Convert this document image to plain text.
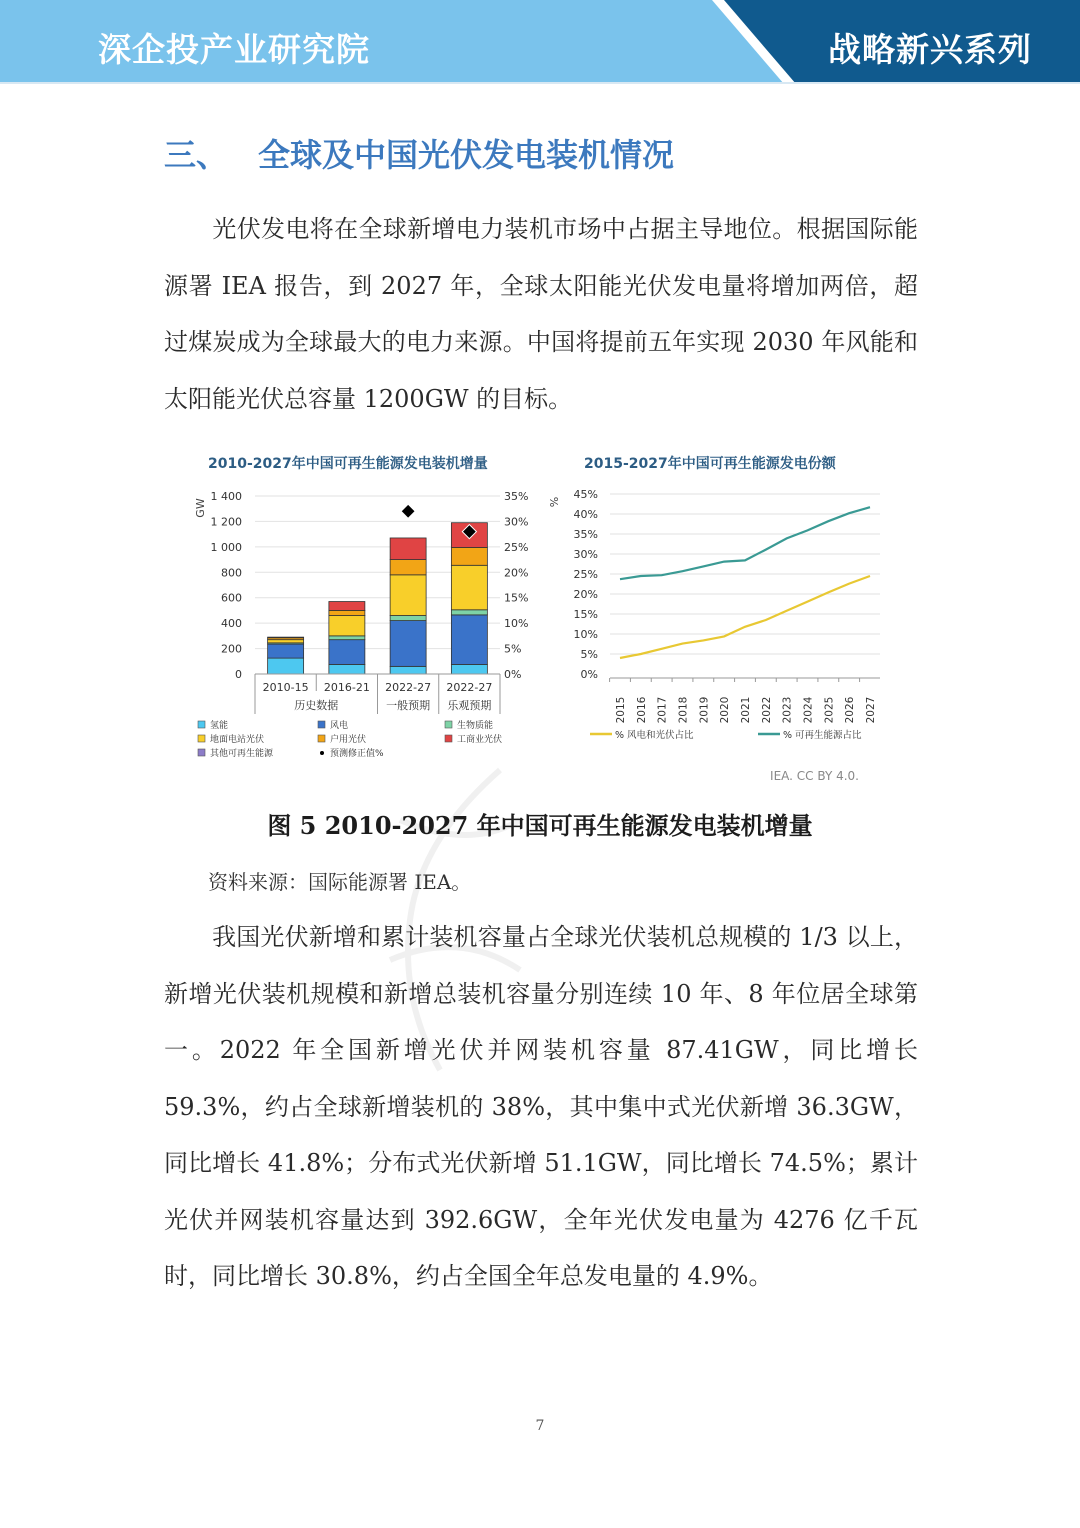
深企投产业研究院	战略新兴系列
三、 全球及中国光伏发电装机情况
光伏发电将在全球新增电力装机市场中占据主导地位。根据国际能源署 IEA 报告，到 2027 年，全球太阳能光伏发电量将增加两倍，超过煤炭成为全球最大的电力来源。中国将提前五年实现 2030 年风能和太阳能光伏总容量 1200GW 的目标。
2010-2027年中国可再生能源发电装机增量
GW
0	0%
200	5%
400	10%
600	15%
800	20%
1 000	25%
1 200	30%
1 400	35%
2010-15 2016-21 2022-27 2022-27
历史数据	一般预期 乐观预期
氢能	风电	生物质能
地面电站光伏	户用光伏	工商业光伏
其他可再生能源	预测修正值%
2015-2027年中国可再生能源发电份额
%
0%
5%
10%
15%
20%
25%
30%
35%
40%
45%
2015 2016 2017 2018 2019 2020 2021 2022 2023 2024 2025 2026 2027
% 风电和光伏占比	% 可再生能源占比
IEA. CC BY 4.0.
图 5 2010-2027 年中国可再生能源发电装机增量
资料来源：国际能源署 IEA。
我国光伏新增和累计装机容量占全球光伏装机总规模的 1/3 以上，新增光伏装机规模和新增总装机容量分别连续 10 年、8 年位居全球第一。2022 年全国新增光伏并网装机容量 87.41GW，同比增长 59.3%，约占全球新增装机的 38%，其中集中式光伏新增 36.3GW，同比增长 41.8%；分布式光伏新增 51.1GW，同比增长 74.5%；累计光伏并网装机容量达到 392.6GW，全年光伏发电量为 4276 亿千瓦时，同比增长 30.8%，约占全国全年总发电量的 4.9%。
7
